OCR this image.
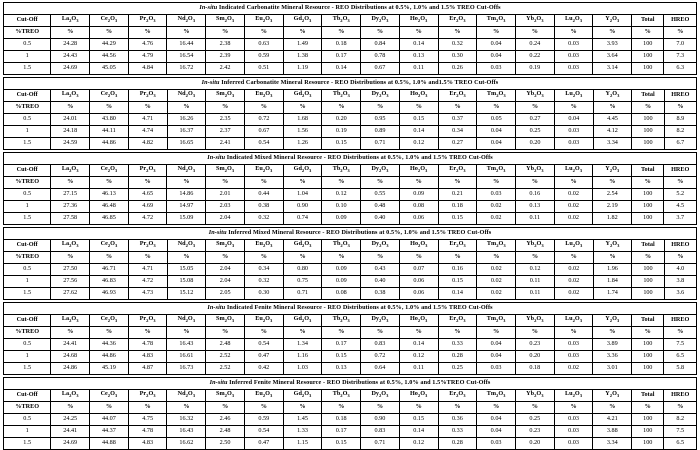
In-situ Indicated Carbonatite Mineral Resource - REO Distributions at 0.5%, 1.0% and 1.5% TREO Cut-Offs																	
Cut-Off	$La_2O_3$	$Ce_2O_3$	$Pr_2O_3$	$Nd_2O_3$	$Sm_2O_3$	$Eu_2O_3$	$Gd_2O_3$	$Tb_2O_3$	$Dy_2O_3$	$Ho_2O_3$	$Er_2O_3$	$Tm_2O_3$	$Yb_2O_3$	$Lu_2O_3$	$Y_2O_3$	Total	HREO
%TREO	%	%	%	%	%	%	%	%	%	%	%	%	%	%	%	%	%
0.5	24.28	44.29	4.76	16.44	2.38	0.63	1.49	0.18	0.84	0.14	0.32	0.04	0.24	0.03	3.93	100	7.0
1	24.43	44.56	4.79	16.54	2.39	0.59	1.38	0.17	0.78	0.13	0.30	0.04	0.22	0.03	3.64	100	7.3
1.5	24.69	45.05	4.84	16.72	2.42	0.51	1.19	0.14	0.67	0.11	0.26	0.03	0.19	0.03	3.14	100	6.3
In-situ Inferred Carbonatite Mineral Resource - REO Distributions at 0.5%, 1.0% and1.5% TREO Cut-Offs																	
Cut-Off	$La_2O_3$	$Ce_2O_3$	$Pr_2O_3$	$Nd_2O_3$	$Sm_2O_3$	$Eu_2O_3$	$Gd_2O_3$	$Tb_2O_3$	$Dy_2O_3$	$Ho_2O_3$	$Er_2O_3$	$Tm_2O_3$	$Yb_2O_3$	$Lu_2O_3$	$Y_2O_3$	Total	HREO
%TREO	%	%	%	%	%	%	%	%	%	%	%	%	%	%	%	%	%
0.5	24.01	43.80	4.71	16.26	2.35	0.72	1.68	0.20	0.95	0.15	0.37	0.05	0.27	0.04	4.45	100	8.9
1	24.18	44.11	4.74	16.37	2.37	0.67	1.56	0.19	0.89	0.14	0.34	0.04	0.25	0.03	4.12	100	8.2
1.5	24.59	44.86	4.82	16.65	2.41	0.54	1.26	0.15	0.71	0.12	0.27	0.04	0.20	0.03	3.34	100	6.7
In-situ Indicated Mixed Mineral Resource - REO Distributions at 0.5%, 1.0% and 1.5% TREO Cut-Offs																	
Cut-Off	$La_2O_3$	$Ce_2O_3$	$Pr_2O_3$	$Nd_2O_3$	$Sm_2O_3$	$Eu_2O_3$	$Gd_2O_3$	$Tb_2O_3$	$Dy_2O_3$	$Ho_2O_3$	$Er_2O_3$	$Tm_2O_3$	$Yb_2O_3$	$Lu_2O_3$	$Y_2O_3$	Total	HREO
%TREO	%	%	%	%	%	%	%	%	%	%	%	%	%	%	%	%	%
0.5	27.15	46.13	4.65	14.86	2.01	0.44	1.04	0.12	0.55	0.09	0.21	0.03	0.16	0.02	2.54	100	5.2
1	27.36	46.48	4.69	14.97	2.03	0.38	0.90	0.10	0.48	0.08	0.18	0.02	0.13	0.02	2.19	100	4.5
1.5	27.58	46.85	4.72	15.09	2.04	0.32	0.74	0.09	0.40	0.06	0.15	0.02	0.11	0.02	1.82	100	3.7
In-situ Inferred Mixed Mineral Resource - REO Distributions at 0.5%, 1.0% and 1.5% TREO Cut-Offs																	
Cut-Off	$La_2O_3$	$Ce_2O_3$	$Pr_2O_3$	$Nd_2O_3$	$Sm_2O_3$	$Eu_2O_3$	$Gd_2O_3$	$Tb_2O_3$	$Dy_2O_3$	$Ho_2O_3$	$Er_2O_3$	$Tm_2O_3$	$Yb_2O_3$	$Lu_2O_3$	$Y_2O_3$	Total	HREO
%TREO	%	%	%	%	%	%	%	%	%	%	%	%	%	%	%	%	%
0.5	27.50	46.71	4.71	15.05	2.04	0.34	0.80	0.09	0.43	0.07	0.16	0.02	0.12	0.02	1.96	100	4.0
1	27.56	46.83	4.72	15.08	2.04	0.32	0.75	0.09	0.40	0.06	0.15	0.02	0.11	0.02	1.84	100	3.8
1.5	27.62	46.93	4.73	15.12	2.05	0.30	0.71	0.08	0.38	0.06	0.14	0.02	0.11	0.02	1.74	100	3.6
In-situ Indicated Fenite Mineral Resource - REO Distributions at 0.5%, 1.0% and 1.5% TREO Cut-Offs																	
Cut-Off	$La_2O_3$	$Ce_2O_3$	$Pr_2O_3$	$Nd_2O_3$	$Sm_2O_3$	$Eu_2O_3$	$Gd_2O_3$	$Tb_2O_3$	$Dy_2O_3$	$Ho_2O_3$	$Er_2O_3$	$Tm_2O_3$	$Yb_2O_3$	$Lu_2O_3$	$Y_2O_3$	Total	HREO
%TREO	%	%	%	%	%	%	%	%	%	%	%	%	%	%	%	%	%
0.5	24.41	44.36	4.78	16.43	2.48	0.54	1.34	0.17	0.83	0.14	0.33	0.04	0.23	0.03	3.89	100	7.5
1	24.68	44.86	4.83	16.61	2.52	0.47	1.16	0.15	0.72	0.12	0.28	0.04	0.20	0.03	3.36	100	6.5
1.5	24.86	45.19	4.87	16.73	2.52	0.42	1.03	0.13	0.64	0.11	0.25	0.03	0.18	0.02	3.01	100	5.8
In-situ Inferred Fenite Mineral Resource - REO Distributions at 0.5%, 1.0% and 1.5%TREO Cut-Offs																	
Cut-Off	$La_2O_3$	$Ce_2O_3$	$Pr_2O_3$	$Nd_2O_3$	$Sm_2O_3$	$Eu_2O_3$	$Gd_2O_3$	$Tb_2O_3$	$Dy_2O_3$	$Ho_2O_3$	$Er_2O_3$	$Tm_2O_3$	$Yb_2O_3$	$Lu_2O_3$	$Y_2O_3$	Total	HREO
%TREO	%	%	%	%	%	%	%	%	%	%	%	%	%	%	%	%	%
0.5	24.25	44.07	4.75	16.32	2.46	0.59	1.45	0.18	0.90	0.15	0.36	0.04	0.25	0.03	4.21	100	8.2
1	24.41	44.37	4.78	16.43	2.48	0.54	1.33	0.17	0.83	0.14	0.33	0.04	0.23	0.03	3.88	100	7.5
1.5	24.69	44.88	4.83	16.62	2.50	0.47	1.15	0.15	0.71	0.12	0.28	0.03	0.20	0.03	3.34	100	6.5
